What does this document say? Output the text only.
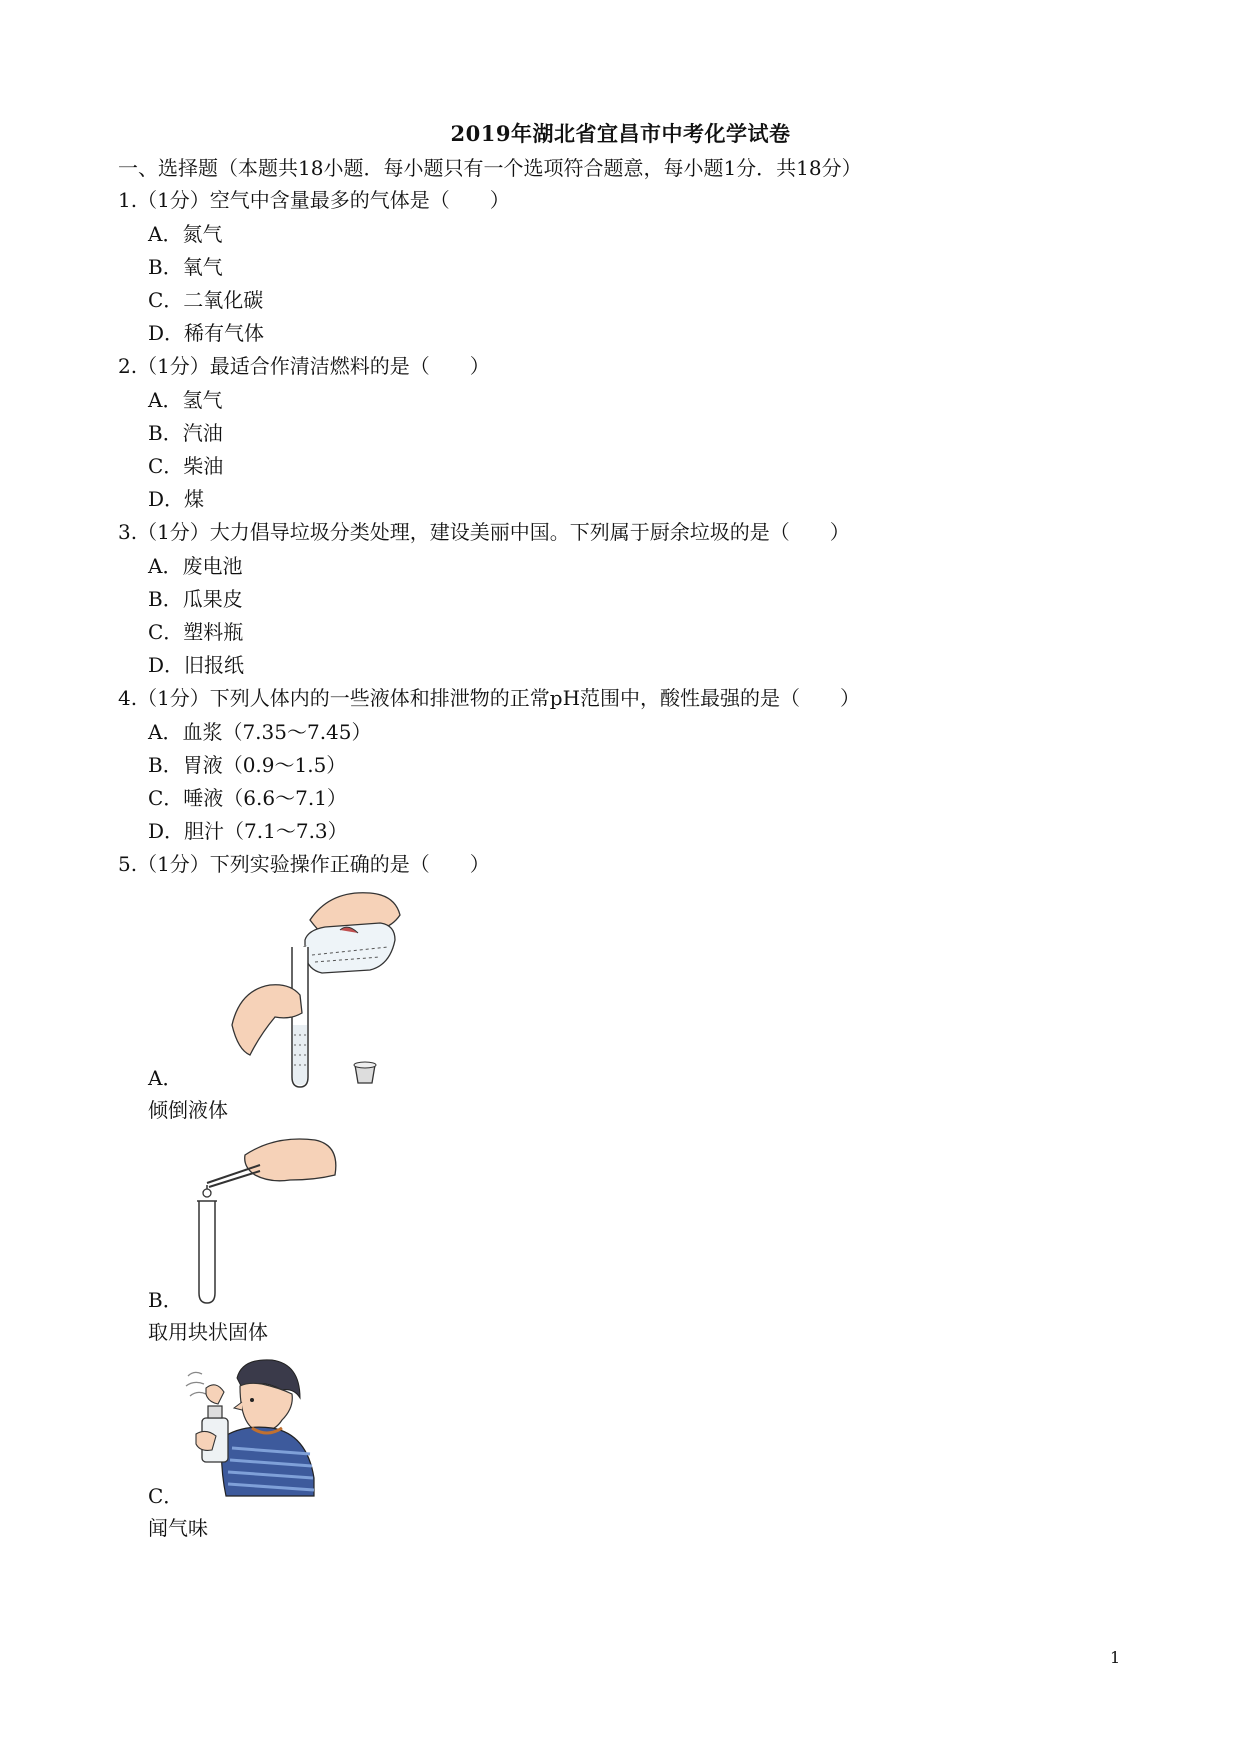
2019年湖北省宜昌市中考化学试卷
一、选择题（本题共18小题．每小题只有一个选项符合题意，每小题1分．共18分）
1.（1分）空气中含量最多的气体是（　　）
A．氮气
B．氧气
C．二氧化碳
D．稀有气体
2.（1分）最适合作清洁燃料的是（　　）
A．氢气
B．汽油
C．柴油
D．煤
3.（1分）大力倡导垃圾分类处理，建设美丽中国。下列属于厨余垃圾的是（　　）
A．废电池
B．瓜果皮
C．塑料瓶
D．旧报纸
4.（1分）下列人体内的一些液体和排泄物的正常pH范围中，酸性最强的是（　　）
A．血浆（7.35～7.45）
B．胃液（0.9～1.5）
C．唾液（6.6～7.1）
D．胆汁（7.1～7.3）
5.（1分）下列实验操作正确的是（　　）
A．
倾倒液体
B．
取用块状固体
C．
闻气味
1
